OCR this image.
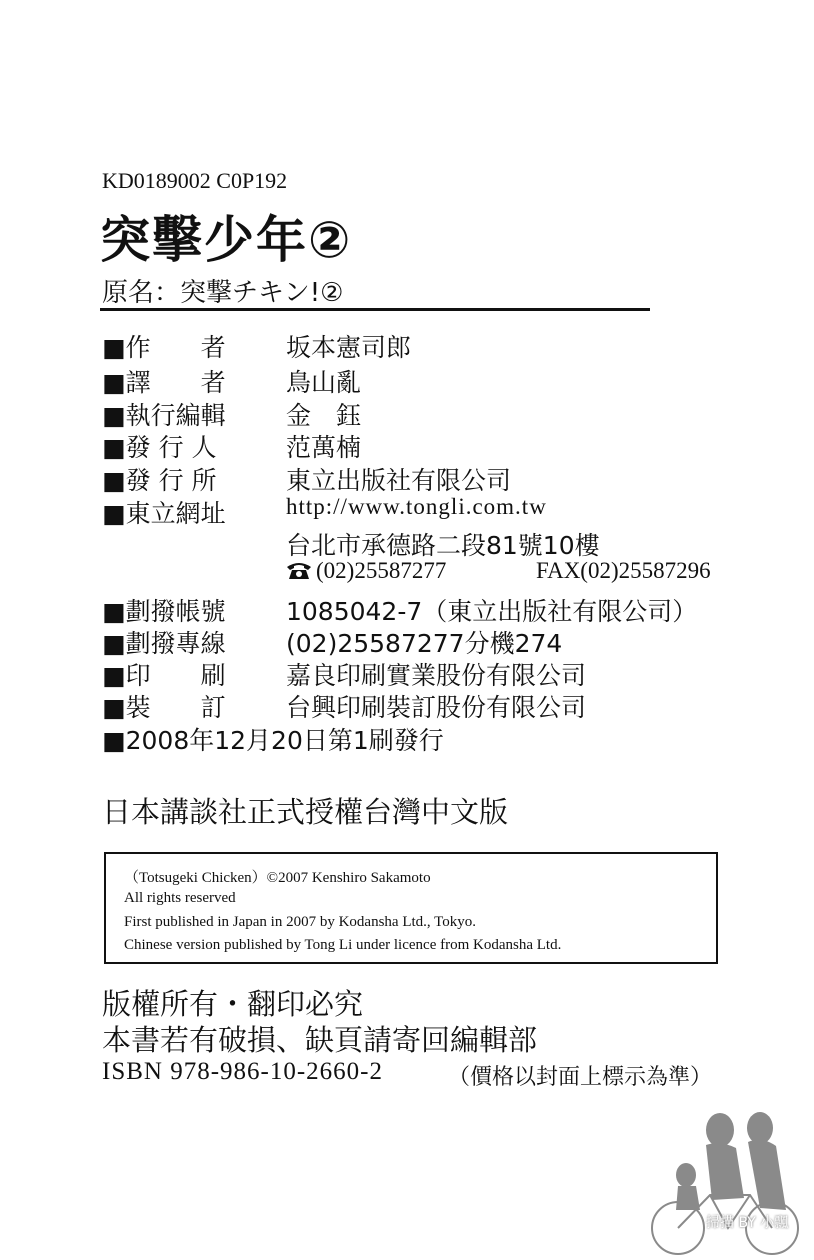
KD0189002 C0P192
突擊少年②
原名：突撃チキン!②
■作　　者 坂本憲司郎
■譯　　者 鳥山亂
■執行編輯 金　鈺
■發 行 人	范萬楠
■發 行 所	東立出版社有限公司
■東立網址	http://www.tongli.com.tw
台北市承德路二段81號10樓
(02)25587277	FAX(02)25587296
■劃撥帳號 1085042-7（東立出版社有限公司）
■劃撥專線 (02)25587277分機274
■印　　刷 嘉良印刷實業股份有限公司
■裝　　訂 台興印刷裝訂股份有限公司
■2008年12月20日第1刷發行
日本講談社正式授權台灣中文版
（Totsugeki Chicken）©2007 Kenshiro Sakamoto
All rights reserved
First published in Japan in 2007 by Kodansha Ltd., Tokyo.
Chinese version published by Tong Li under licence from Kodansha Ltd.
版權所有・翻印必究
本書若有破損、缺頁請寄回編輯部
ISBN 978-986-10-2660-2	（價格以封面上標示為準）
掃描 BY 小飄
